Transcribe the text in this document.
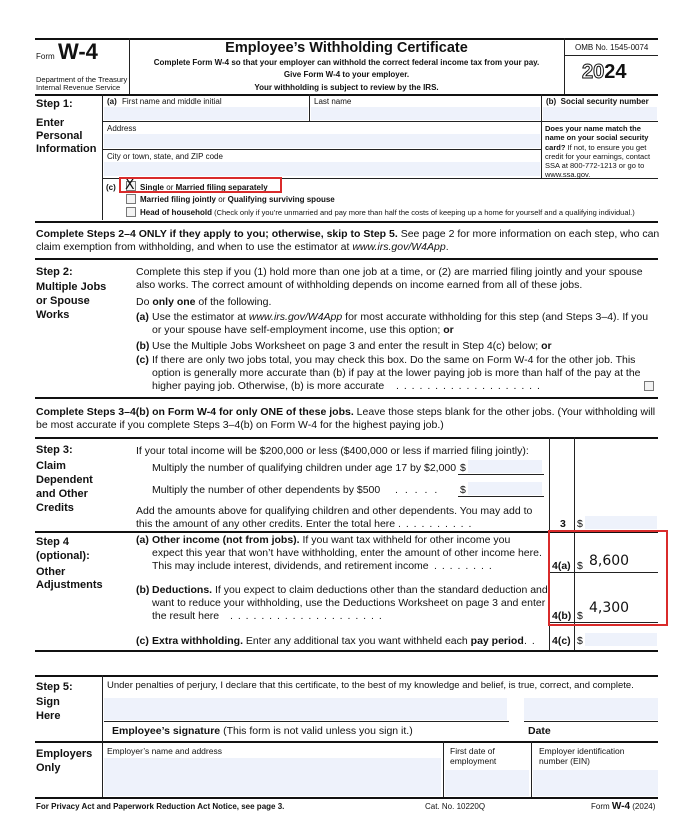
Form W-4
Department of the Treasury
Internal Revenue Service
Employee’s Withholding Certificate
Complete Form W-4 so that your employer can withhold the correct federal income tax from your pay.
Give Form W-4 to your employer.
Your withholding is subject to review by the IRS.
OMB No. 1545-0074
2024
Step 1:
Enter
Personal
Information
(a) First name and middle initial	Last name	(b) Social security number
Address
City or town, state, and ZIP code
Does your name match the name on your social security card? If not, to ensure you get credit for your earnings, contact SSA at 800-772-1213 or go to www.ssa.gov.
(c) X Single or Married filing separately
Married filing jointly or Qualifying surviving spouse
Head of household (Check only if you’re unmarried and pay more than half the costs of keeping up a home for yourself and a qualifying individual.)
Complete Steps 2–4 ONLY if they apply to you; otherwise, skip to Step 5. See page 2 for more information on each step, who can
claim exemption from withholding, and when to use the estimator at www.irs.gov/W4App.
Step 2:
Multiple Jobs
or Spouse
Works
Complete this step if you (1) hold more than one job at a time, or (2) are married filing jointly and your spouse
also works. The correct amount of withholding depends on income earned from all of these jobs.
Do only one of the following.
(a) Use the estimator at www.irs.gov/W4App for most accurate withholding for this step (and Steps 3–4). If you
or your spouse have self-employment income, use this option; or
(b) Use the Multiple Jobs Worksheet on page 3 and enter the result in Step 4(c) below; or
(c) If there are only two jobs total, you may check this box. Do the same on Form W-4 for the other job. This
option is generally more accurate than (b) if pay at the lower paying job is more than half of the pay at the
higher paying job. Otherwise, (b) is more accurate . . . . . . . . . . . . . . . . . . .
Complete Steps 3–4(b) on Form W-4 for only ONE of these jobs. Leave those steps blank for the other jobs. (Your withholding will
be most accurate if you complete Steps 3–4(b) on Form W-4 for the highest paying job.)
Step 3:
Claim
Dependent
and Other
Credits
If your total income will be $200,000 or less ($400,000 or less if married filing jointly):
Multiply the number of qualifying children under age 17 by $2,000 $
Multiply the number of other dependents by $500 . . . . . $
Add the amounts above for qualifying children and other dependents. You may add to
this the amount of any other credits. Enter the total here . . . . . . . . . .	3 $
Step 4
(optional):
Other
Adjustments
(a) Other income (not from jobs). If you want tax withheld for other income you
expect this year that won’t have withholding, enter the amount of other income here.
This may include interest, dividends, and retirement income . . . . . . . .	4(a) $ 8,600
(b) Deductions. If you expect to claim deductions other than the standard deduction and
want to reduce your withholding, use the Deductions Worksheet on page 3 and enter
the result here . . . . . . . . . . . . . . . . . . . .	4(b) $ 4,300
(c) Extra withholding. Enter any additional tax you want withheld each pay period . . 4(c) $
Step 5:
Sign
Here
Under penalties of perjury, I declare that this certificate, to the best of my knowledge and belief, is true, correct, and complete.
Employee’s signature (This form is not valid unless you sign it.)	Date
Employers
Only
Employer’s name and address	First date of
employment
Employer identification
number (EIN)
For Privacy Act and Paperwork Reduction Act Notice, see page 3.	Cat. No. 10220Q	Form W-4 (2024)
